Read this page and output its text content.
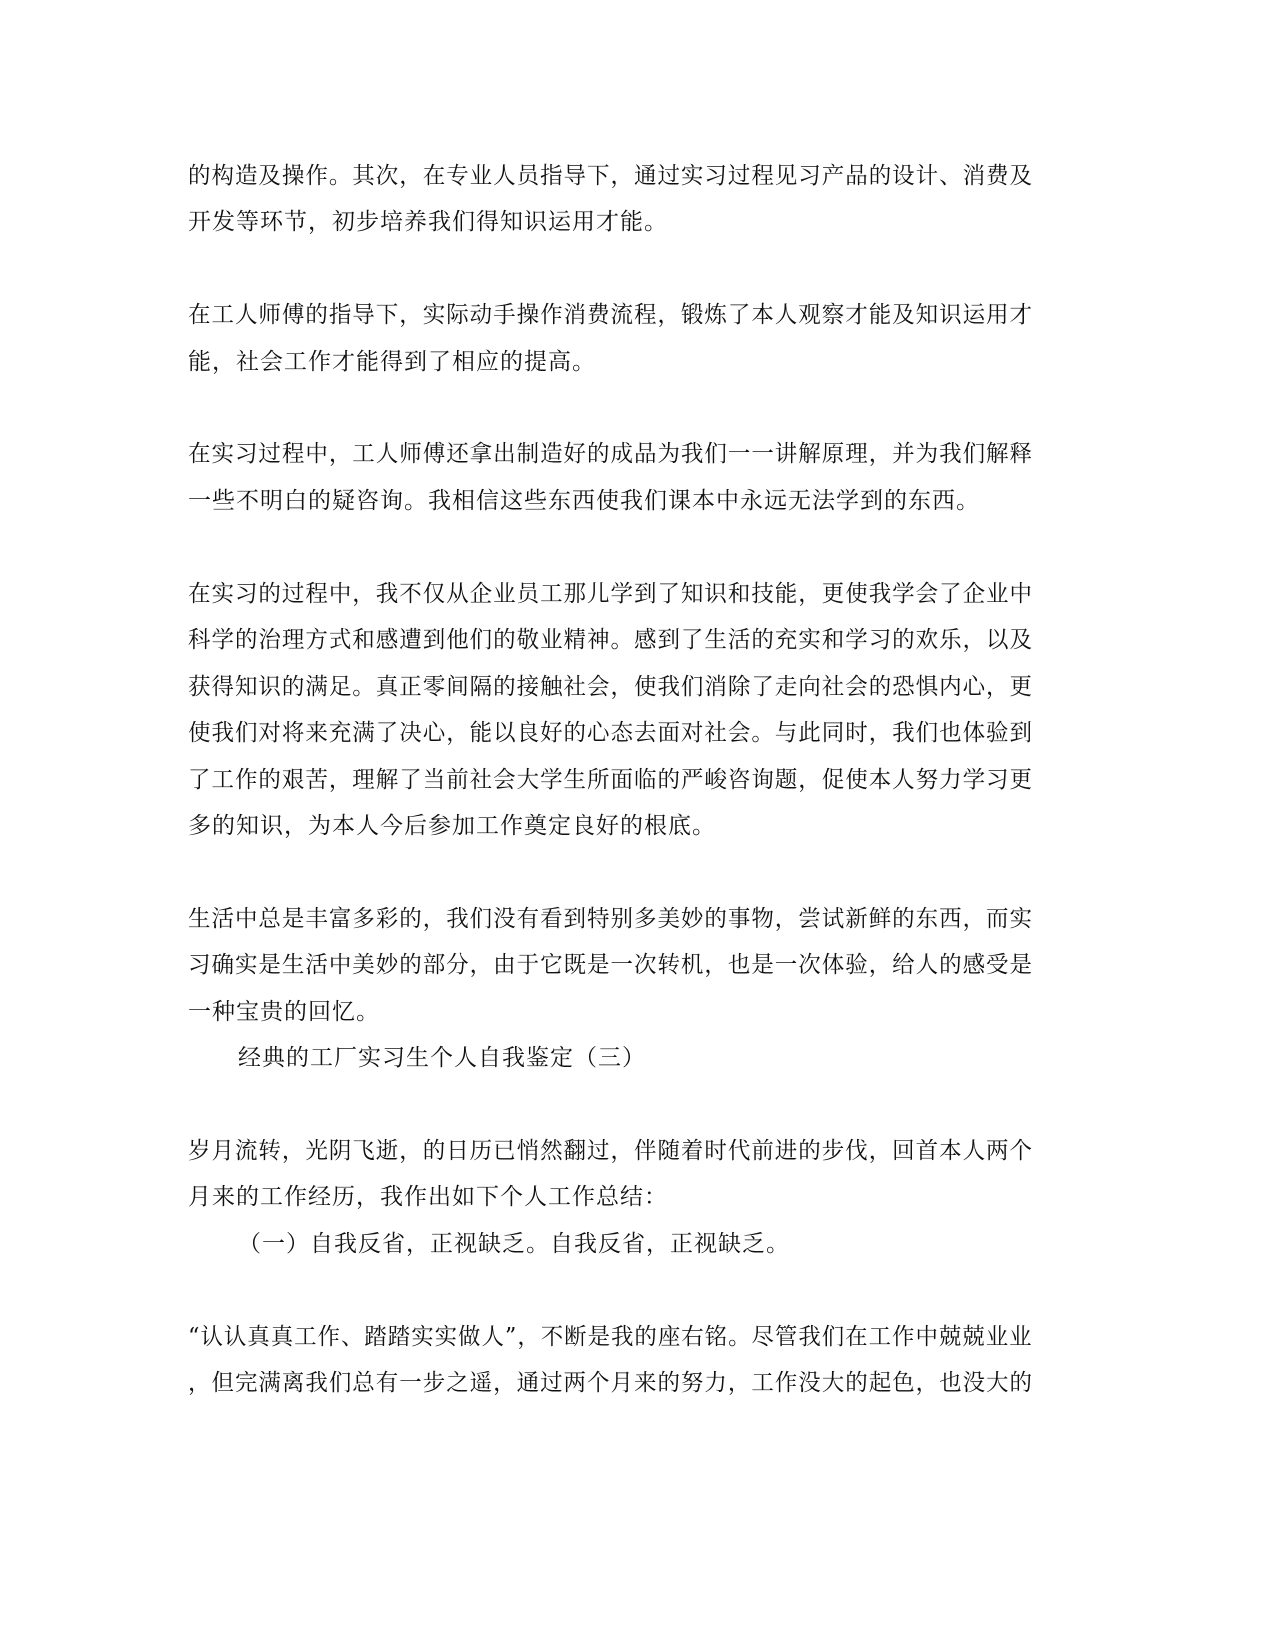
的构造及操作。其次，在专业人员指导下，通过实习过程见习产品的设计、消费及
开发等环节，初步培养我们得知识运用才能。
在工人师傅的指导下，实际动手操作消费流程，锻炼了本人观察才能及知识运用才
能，社会工作才能得到了相应的提高。
在实习过程中，工人师傅还拿出制造好的成品为我们一一讲解原理，并为我们解释
一些不明白的疑咨询。我相信这些东西使我们课本中永远无法学到的东西。
在实习的过程中，我不仅从企业员工那儿学到了知识和技能，更使我学会了企业中
科学的治理方式和感遭到他们的敬业精神。感到了生活的充实和学习的欢乐，以及
获得知识的满足。真正零间隔的接触社会，使我们消除了走向社会的恐惧内心，更
使我们对将来充满了决心，能以良好的心态去面对社会。与此同时，我们也体验到
了工作的艰苦，理解了当前社会大学生所面临的严峻咨询题，促使本人努力学习更
多的知识，为本人今后参加工作奠定良好的根底。
生活中总是丰富多彩的，我们没有看到特别多美妙的事物，尝试新鲜的东西，而实
习确实是生活中美妙的部分，由于它既是一次转机，也是一次体验，给人的感受是
一种宝贵的回忆。
经典的工厂实习生个人自我鉴定（三）
岁月流转，光阴飞逝，的日历已悄然翻过，伴随着时代前进的步伐，回首本人两个
月来的工作经历，我作出如下个人工作总结：
（一）自我反省，正视缺乏。自我反省，正视缺乏。
“认认真真工作、踏踏实实做人”，不断是我的座右铭。尽管我们在工作中兢兢业业
，但完满离我们总有一步之遥，通过两个月来的努力，工作没大的起色，也没大的
